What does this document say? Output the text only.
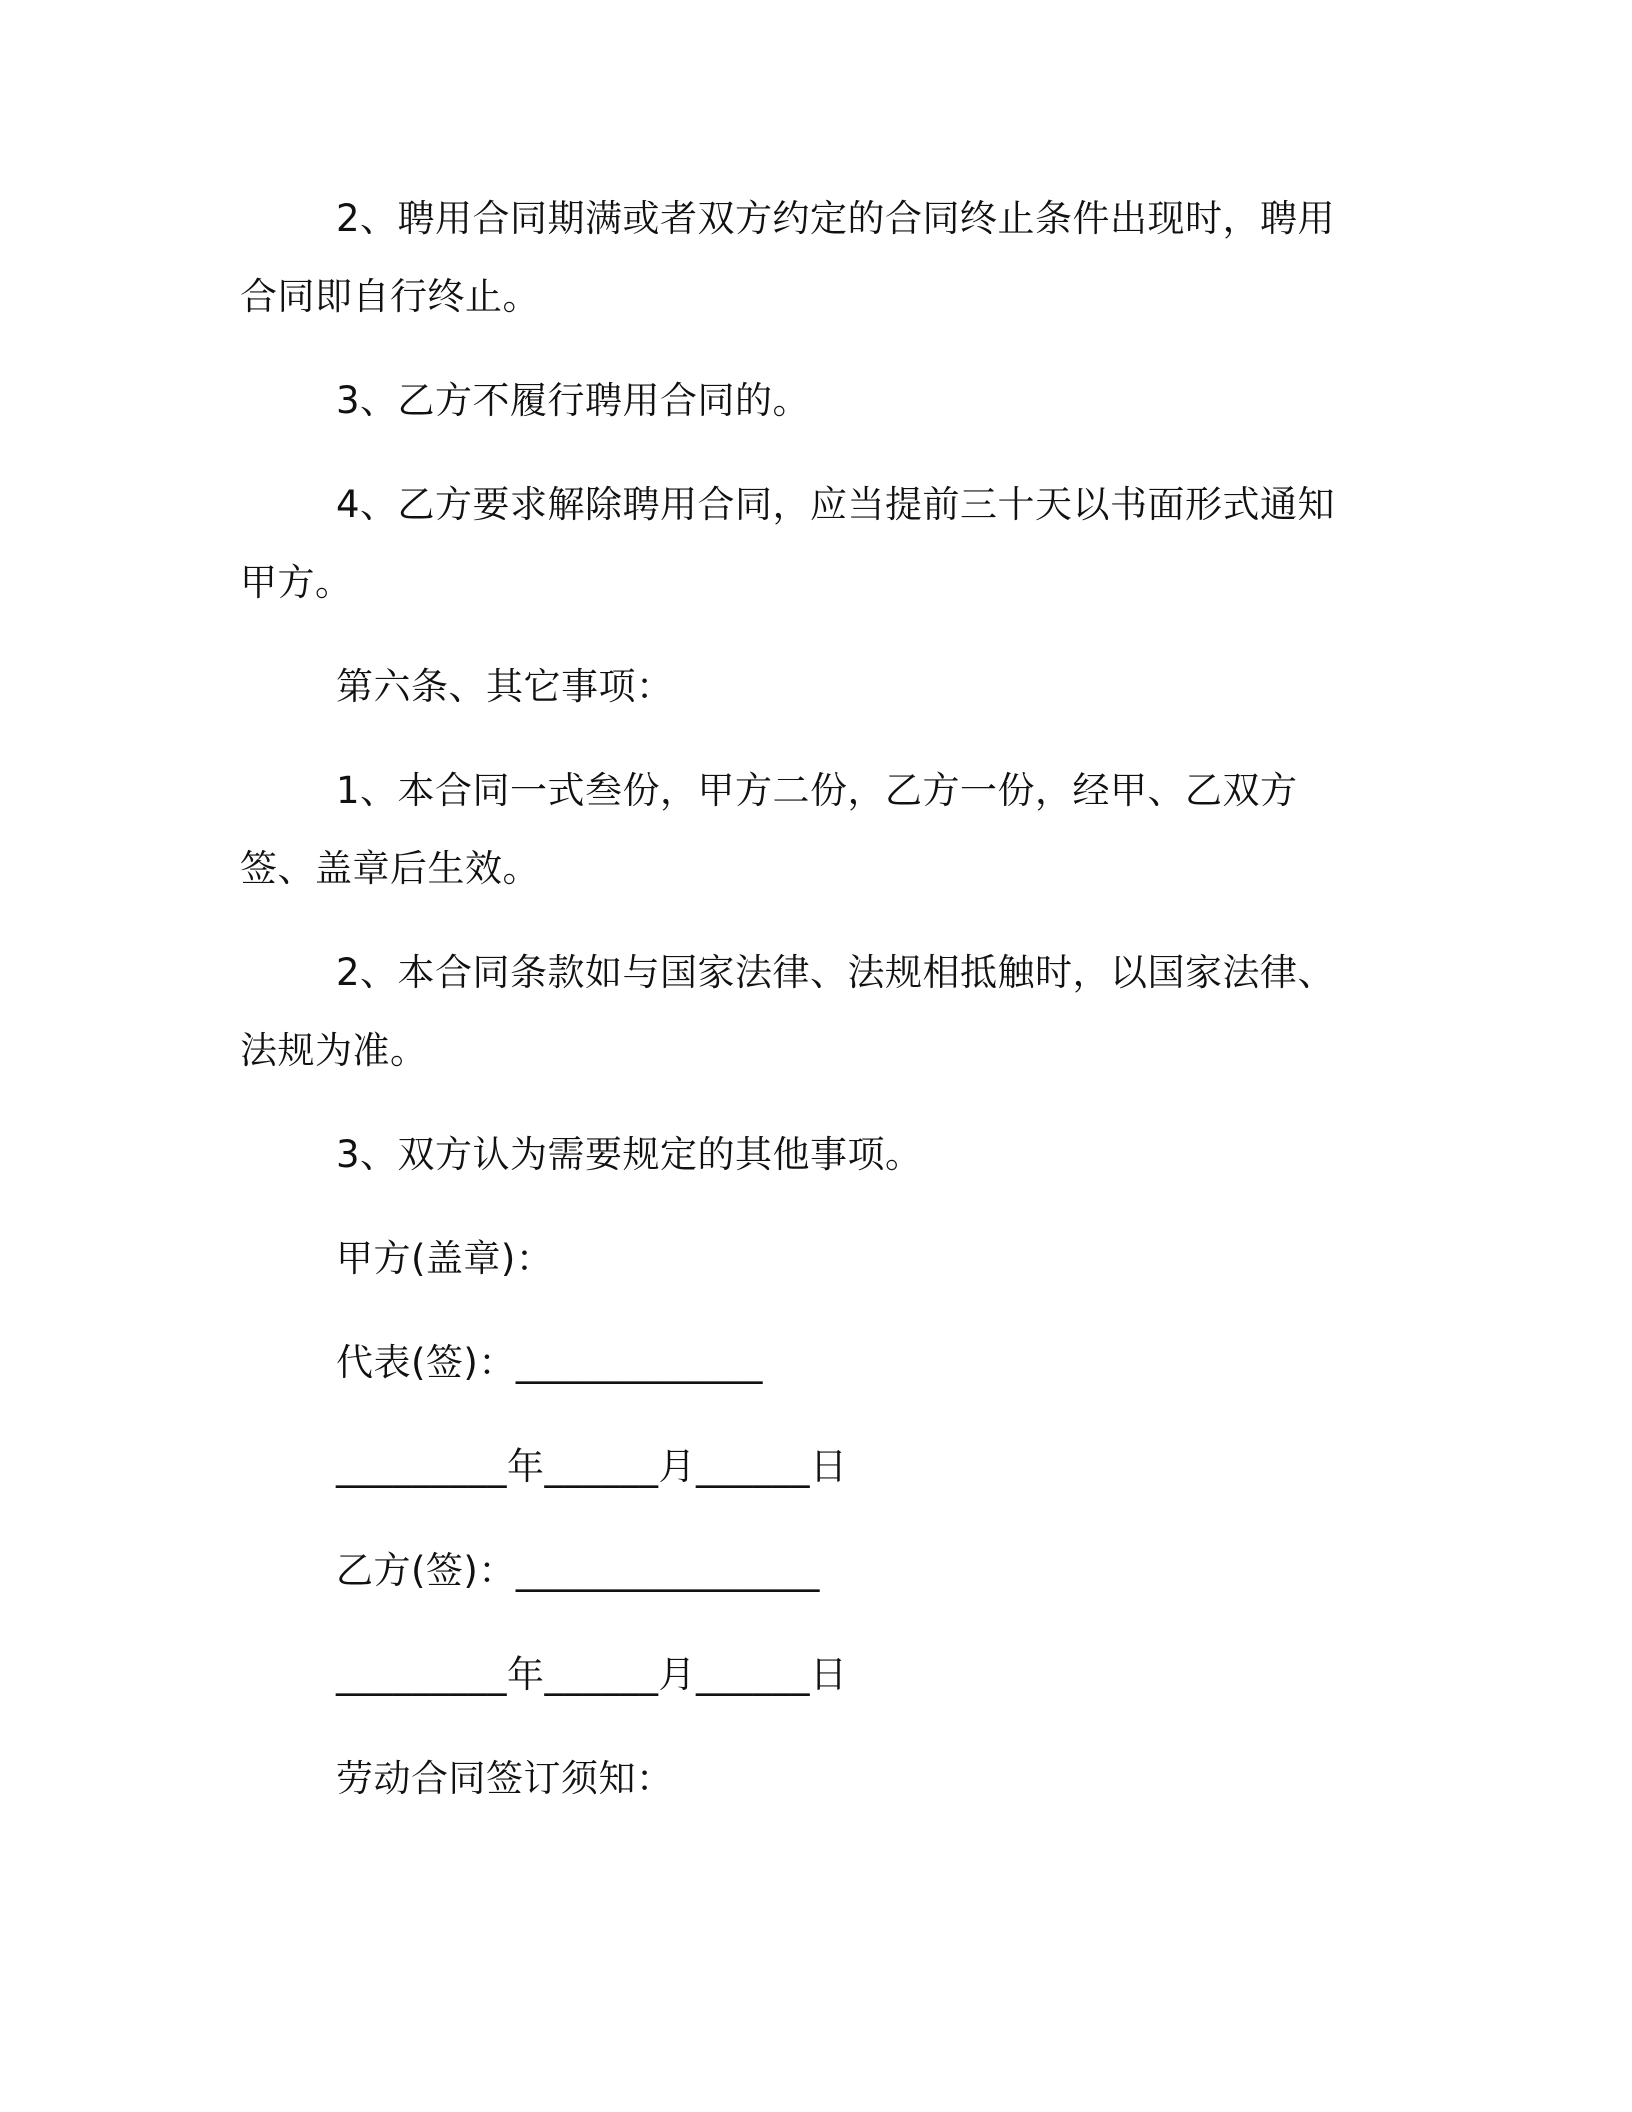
2、聘用合同期满或者双方约定的合同终止条件出现时，聘用合同即自行终止。

3、乙方不履行聘用合同的。

4、乙方要求解除聘用合同，应当提前三十天以书面形式通知甲方。

第六条、其它事项：

1、本合同一式叁份，甲方二份，乙方一份，经甲、乙双方签、盖章后生效。

2、本合同条款如与国家法律、法规相抵触时，以国家法律、法规为准。

3、双方认为需要规定的其他事项。

甲方(盖章)：
代表(签)：_____________
_________年______月______日
乙方(签)：________________
_________年______月______日
劳动合同签订须知：
